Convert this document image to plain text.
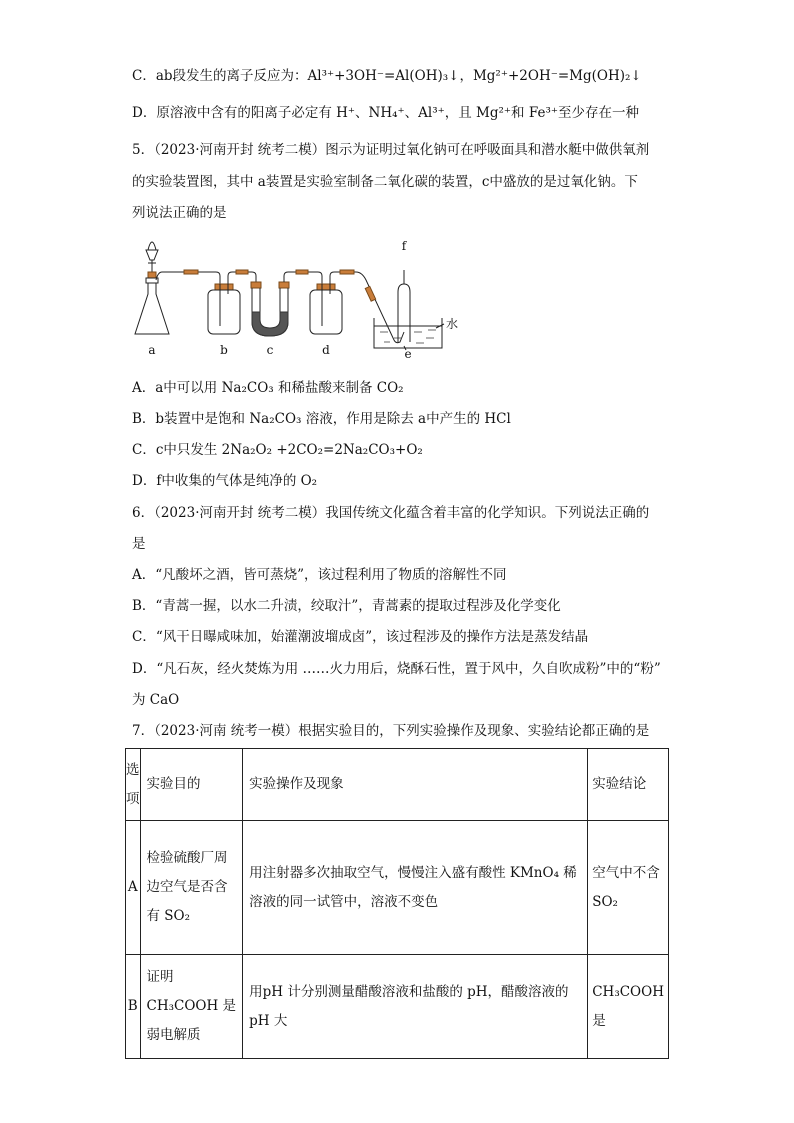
C．ab段发生的离子反应为：Al³⁺+3OH⁻=Al(OH)₃↓，Mg²⁺+2OH⁻=Mg(OH)₂↓
D．原溶液中含有的阳离子必定有 H⁺、NH₄⁺、Al³⁺，且 Mg²⁺和 Fe³⁺至少存在一种
5．（2023·河南开封 统考二模）图示为证明过氧化钠可在呼吸面具和潜水艇中做供氧剂
的实验装置图，其中 a装置是实验室制备二氧化碳的装置，c中盛放的是过氧化钠。下
列说法正确的是
a	b	c	d	e
f
水
A．a中可以用 Na₂CO₃ 和稀盐酸来制备 CO₂
B．b装置中是饱和 Na₂CO₃ 溶液，作用是除去 a中产生的 HCl
C．c中只发生 2Na₂O₂ +2CO₂=2Na₂CO₃+O₂
D．f中收集的气体是纯净的 O₂
6．（2023·河南开封 统考二模）我国传统文化蕴含着丰富的化学知识。下列说法正确的
是
A．“凡酸坏之酒，皆可蒸烧”，该过程利用了物质的溶解性不同
B．“青蒿一握，以水二升渍，绞取汁”，青蒿素的提取过程涉及化学变化
C．“风干日曝咸味加，始灌潮波塯成卤”，该过程涉及的操作方法是蒸发结晶
D．“凡石灰，经火焚炼为用 ……火力用后，烧酥石性，置于风中，久自吹成粉”中的“粉”
为 CaO
7．（2023·河南 统考一模）根据实验目的，下列实验操作及现象、实验结论都正确的是
选项	实验目的	实验操作及现象	实验结论
A	检验硫酸厂周边空气是否含有 SO₂	用注射器多次抽取空气，慢慢注入盛有酸性 KMnO₄ 稀溶液的同一试管中，溶液不变色	空气中不含 SO₂
B	证明 CH₃COOH 是弱电解质	用pH 计分别测量醋酸溶液和盐酸的 pH，醋酸溶液的 pH 大	CH₃COOH是
